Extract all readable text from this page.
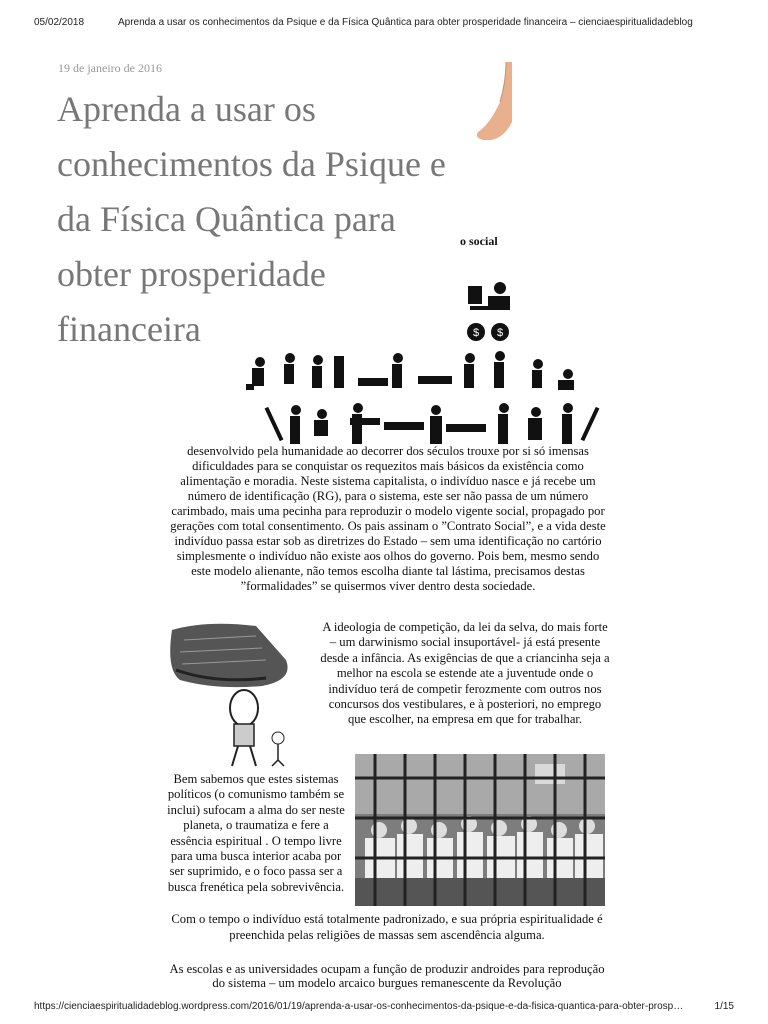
05/02/2018	Aprenda a usar os conhecimentos da Psique e da Física Quântica para obter prosperidade financeira – cienciaespiritualidadeblog
19 de janeiro de 2016
Aprenda a usar os conhecimentos da Psique e da Física Quântica para obter prosperidade financeira
o social
$ $
desenvolvido pela humanidade ao decorrer dos séculos trouxe por si só imensas dificuldades para se conquistar os requezitos mais básicos da existência como alimentação e moradia. Neste sistema capitalista, o indivíduo nasce e já recebe um número de identificação (RG), para o sistema, este ser não passa de um número carimbado, mais uma pecinha para reproduzir o modelo vigente social, propagado por gerações com total consentimento. Os pais assinam o ”Contrato Social”, e a vida deste indivíduo passa estar sob as diretrizes do Estado – sem uma identificação no cartório simplesmente o indivíduo não existe aos olhos do governo. Pois bem, mesmo sendo este modelo alienante, não temos escolha diante tal lástima, precisamos destas ”formalidades” se quisermos viver dentro desta sociedade.
A ideologia de competição, da lei da selva, do mais forte – um darwinismo social insuportável- já está presente desde a infância. As exigências de que a criancinha seja a melhor na escola se estende ate a juventude onde o indivíduo terá de competir ferozmente com outros nos concursos dos vestibulares, e à posteriori, no emprego que escolher, na empresa em que for trabalhar.
Bem sabemos que estes sistemas políticos (o comunismo também se inclui) sufocam a alma do ser neste planeta, o traumatiza e fere a essência espiritual . O tempo livre para uma busca interior acaba por ser suprimido, e o foco passa ser a busca frenética pela sobrevivência.
Com o tempo o indivíduo está totalmente padronizado, e sua própria espiritualidade é preenchida pelas religiões de massas sem ascendência alguma.
As escolas e as universidades ocupam a função de produzir androides para reprodução do sistema – um modelo arcaico burgues remanescente da Revolução
https://cienciaespiritualidadeblog.wordpress.com/2016/01/19/aprenda-a-usar-os-conhecimentos-da-psique-e-da-fisica-quantica-para-obter-prosp…	1/15
